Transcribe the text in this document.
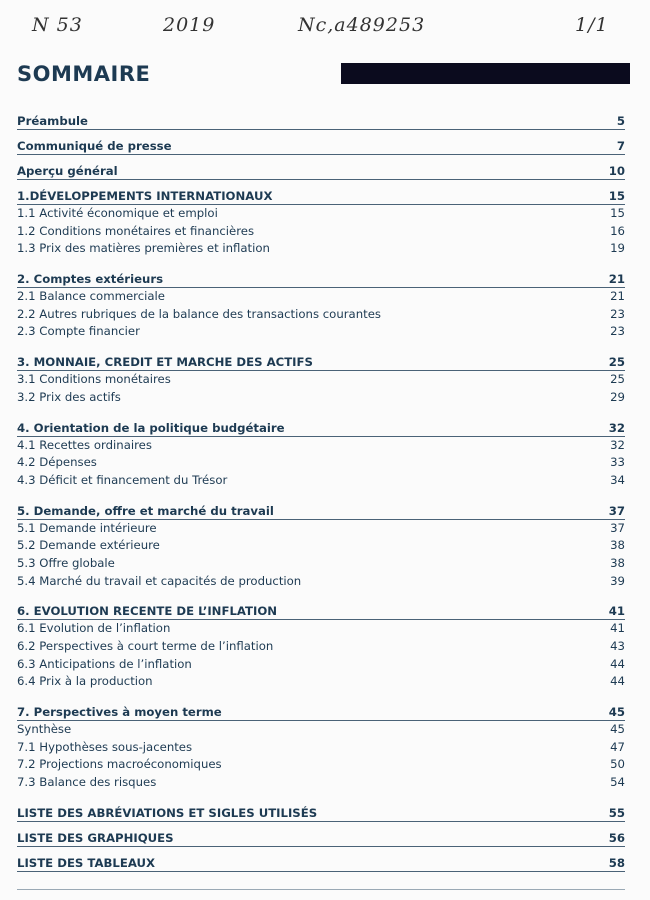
N 53	2019	Nc,a489253	1/1
SOMMAIRE
Préambule	5
Communiqué de presse	7
Aperçu général	10
1.DÉVELOPPEMENTS INTERNATIONAUX	15
1.1 Activité économique et emploi	15
1.2 Conditions monétaires et financières	16
1.3 Prix des matières premières et inflation	19
2. Comptes extérieurs	21
2.1 Balance commerciale	21
2.2 Autres rubriques de la balance des transactions courantes	23
2.3 Compte financier	23
3. MONNAIE, CREDIT ET MARCHE DES ACTIFS	25
3.1 Conditions monétaires	25
3.2 Prix des actifs	29
4. Orientation de la politique budgétaire	32
4.1 Recettes ordinaires	32
4.2 Dépenses	33
4.3 Déficit et financement du Trésor	34
5. Demande, offre et marché du travail	37
5.1 Demande intérieure	37
5.2 Demande extérieure	38
5.3 Offre globale	38
5.4 Marché du travail et capacités de production	39
6. EVOLUTION RECENTE DE L’INFLATION	41
6.1 Evolution de l’inflation	41
6.2 Perspectives à court terme de l’inflation	43
6.3 Anticipations de l’inflation	44
6.4 Prix à la production	44
7. Perspectives à moyen terme	45
Synthèse	45
7.1 Hypothèses sous-jacentes	47
7.2 Projections macroéconomiques	50
7.3 Balance des risques	54
LISTE DES ABRÉVIATIONS ET SIGLES UTILISÉS	55
LISTE DES GRAPHIQUES	56
LISTE DES TABLEAUX	58
